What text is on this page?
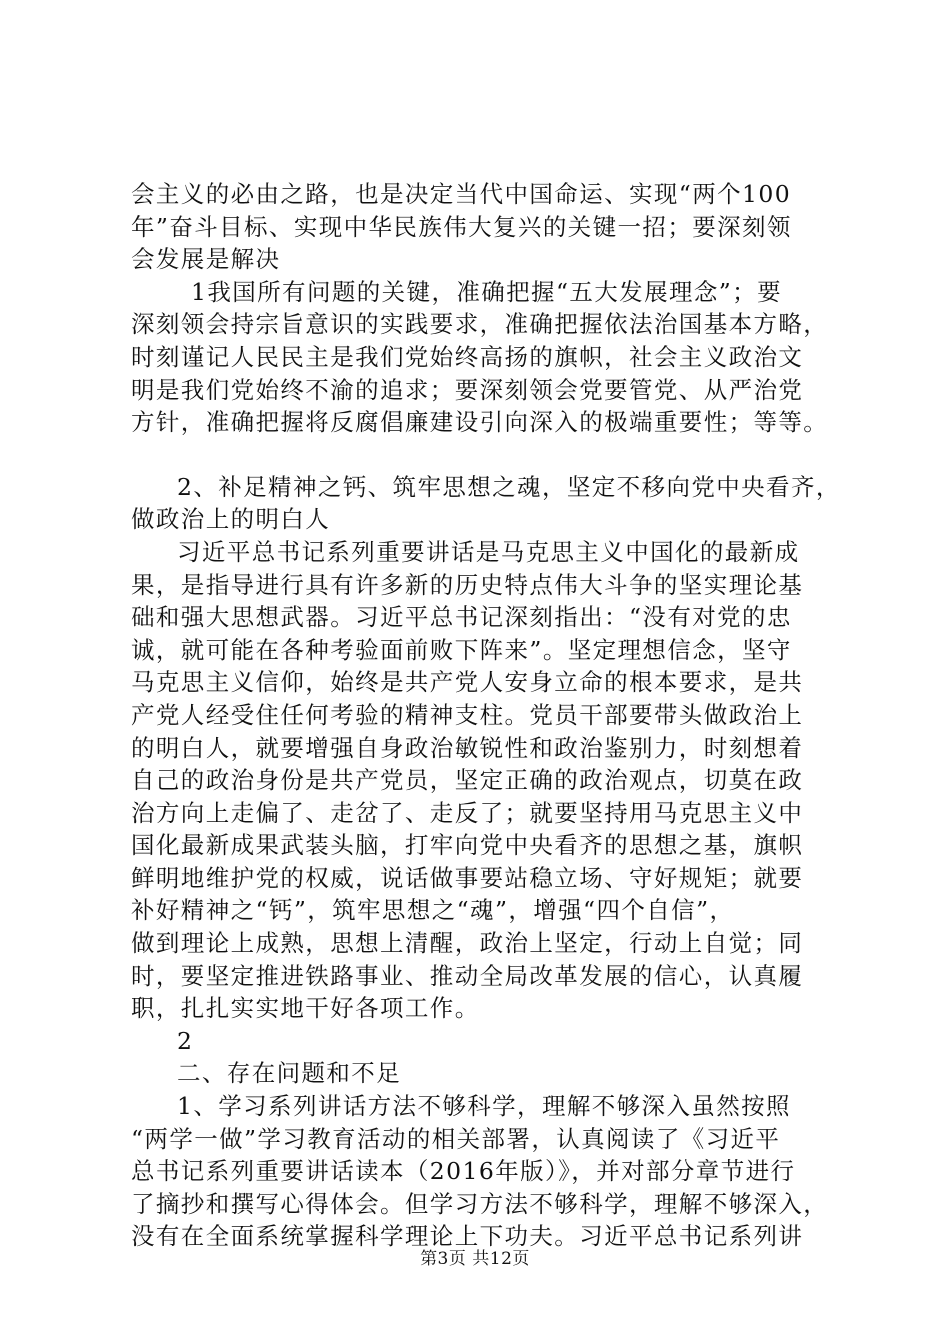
会主义的必由之路，也是决定当代中国命运、实现“两个100
年”奋斗目标、实现中华民族伟大复兴的关键一招；要深刻领
会发展是解决
1我国所有问题的关键，准确把握“五大发展理念”；要
深刻领会持宗旨意识的实践要求，准确把握依法治国基本方略，
时刻谨记人民民主是我们党始终高扬的旗帜，社会主义政治文
明是我们党始终不渝的追求；要深刻领会党要管党、从严治党
方针，准确把握将反腐倡廉建设引向深入的极端重要性；等等。
2、补足精神之钙、筑牢思想之魂，坚定不移向党中央看齐，
做政治上的明白人
习近平总书记系列重要讲话是马克思主义中国化的最新成
果，是指导进行具有许多新的历史特点伟大斗争的坚实理论基
础和强大思想武器。习近平总书记深刻指出：“没有对党的忠
诚，就可能在各种考验面前败下阵来”。坚定理想信念，坚守
马克思主义信仰，始终是共产党人安身立命的根本要求，是共
产党人经受住任何考验的精神支柱。党员干部要带头做政治上
的明白人，就要增强自身政治敏锐性和政治鉴别力，时刻想着
自己的政治身份是共产党员，坚定正确的政治观点，切莫在政
治方向上走偏了、走岔了、走反了；就要坚持用马克思主义中
国化最新成果武装头脑，打牢向党中央看齐的思想之基，旗帜
鲜明地维护党的权威，说话做事要站稳立场、守好规矩；就要
补好精神之“钙”，筑牢思想之“魂”，增强“四个自信”，
做到理论上成熟，思想上清醒，政治上坚定，行动上自觉；同
时，要坚定推进铁路事业、推动全局改革发展的信心，认真履
职，扎扎实实地干好各项工作。
2
二、存在问题和不足
1、学习系列讲话方法不够科学，理解不够深入虽然按照
“两学一做”学习教育活动的相关部署，认真阅读了《习近平
总书记系列重要讲话读本（2016年版）》，并对部分章节进行
了摘抄和撰写心得体会。但学习方法不够科学，理解不够深入，
没有在全面系统掌握科学理论上下功夫。习近平总书记系列讲
第3页 共12页
